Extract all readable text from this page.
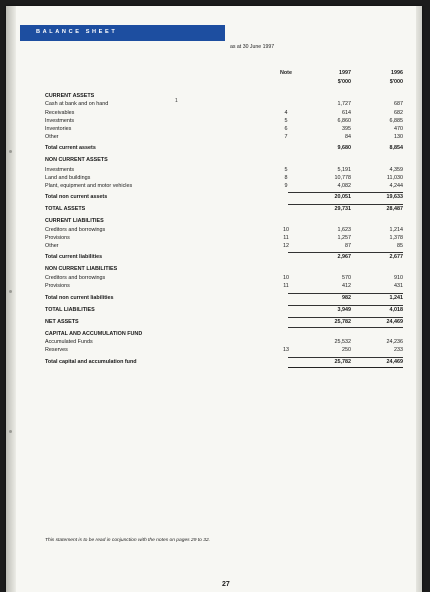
BALANCE SHEET
as at 30 June 1997
Note	1997	1996
$'000	$'000
1
CURRENT ASSETS
Cash at bank and on hand	1,727	687
Receivables	4	614	682
Investments	5	6,860	6,885
Inventories	6	395	470
Other	7	84	130
Total current assets	9,680	8,854
NON CURRENT ASSETS
Investments	5	5,191	4,359
Land and buildings	8	10,778	11,030
Plant, equipment and motor vehicles	9	4,082	4,244
Total non current assets	20,051	19,633
TOTAL ASSETS	29,731	28,487
CURRENT LIABILITIES
Creditors and borrowings	10	1,623	1,214
Provisions	11	1,257	1,378
Other	12	87	85
Total current liabilities	2,967	2,677
NON CURRENT LIABILITIES
Creditors and borrowings	10	570	910
Provisions	11	412	431
Total non current liabilities	982	1,241
TOTAL LIABILITIES	3,949	4,018
NET ASSETS	25,782	24,469
CAPITAL AND ACCUMULATION FUND
Accumulated Funds	25,532	24,236
Reserves	13	250	233
Total capital and accumulation fund	25,782	24,469
This statement is to be read in conjunction with the notes on pages 29 to 32.
27
